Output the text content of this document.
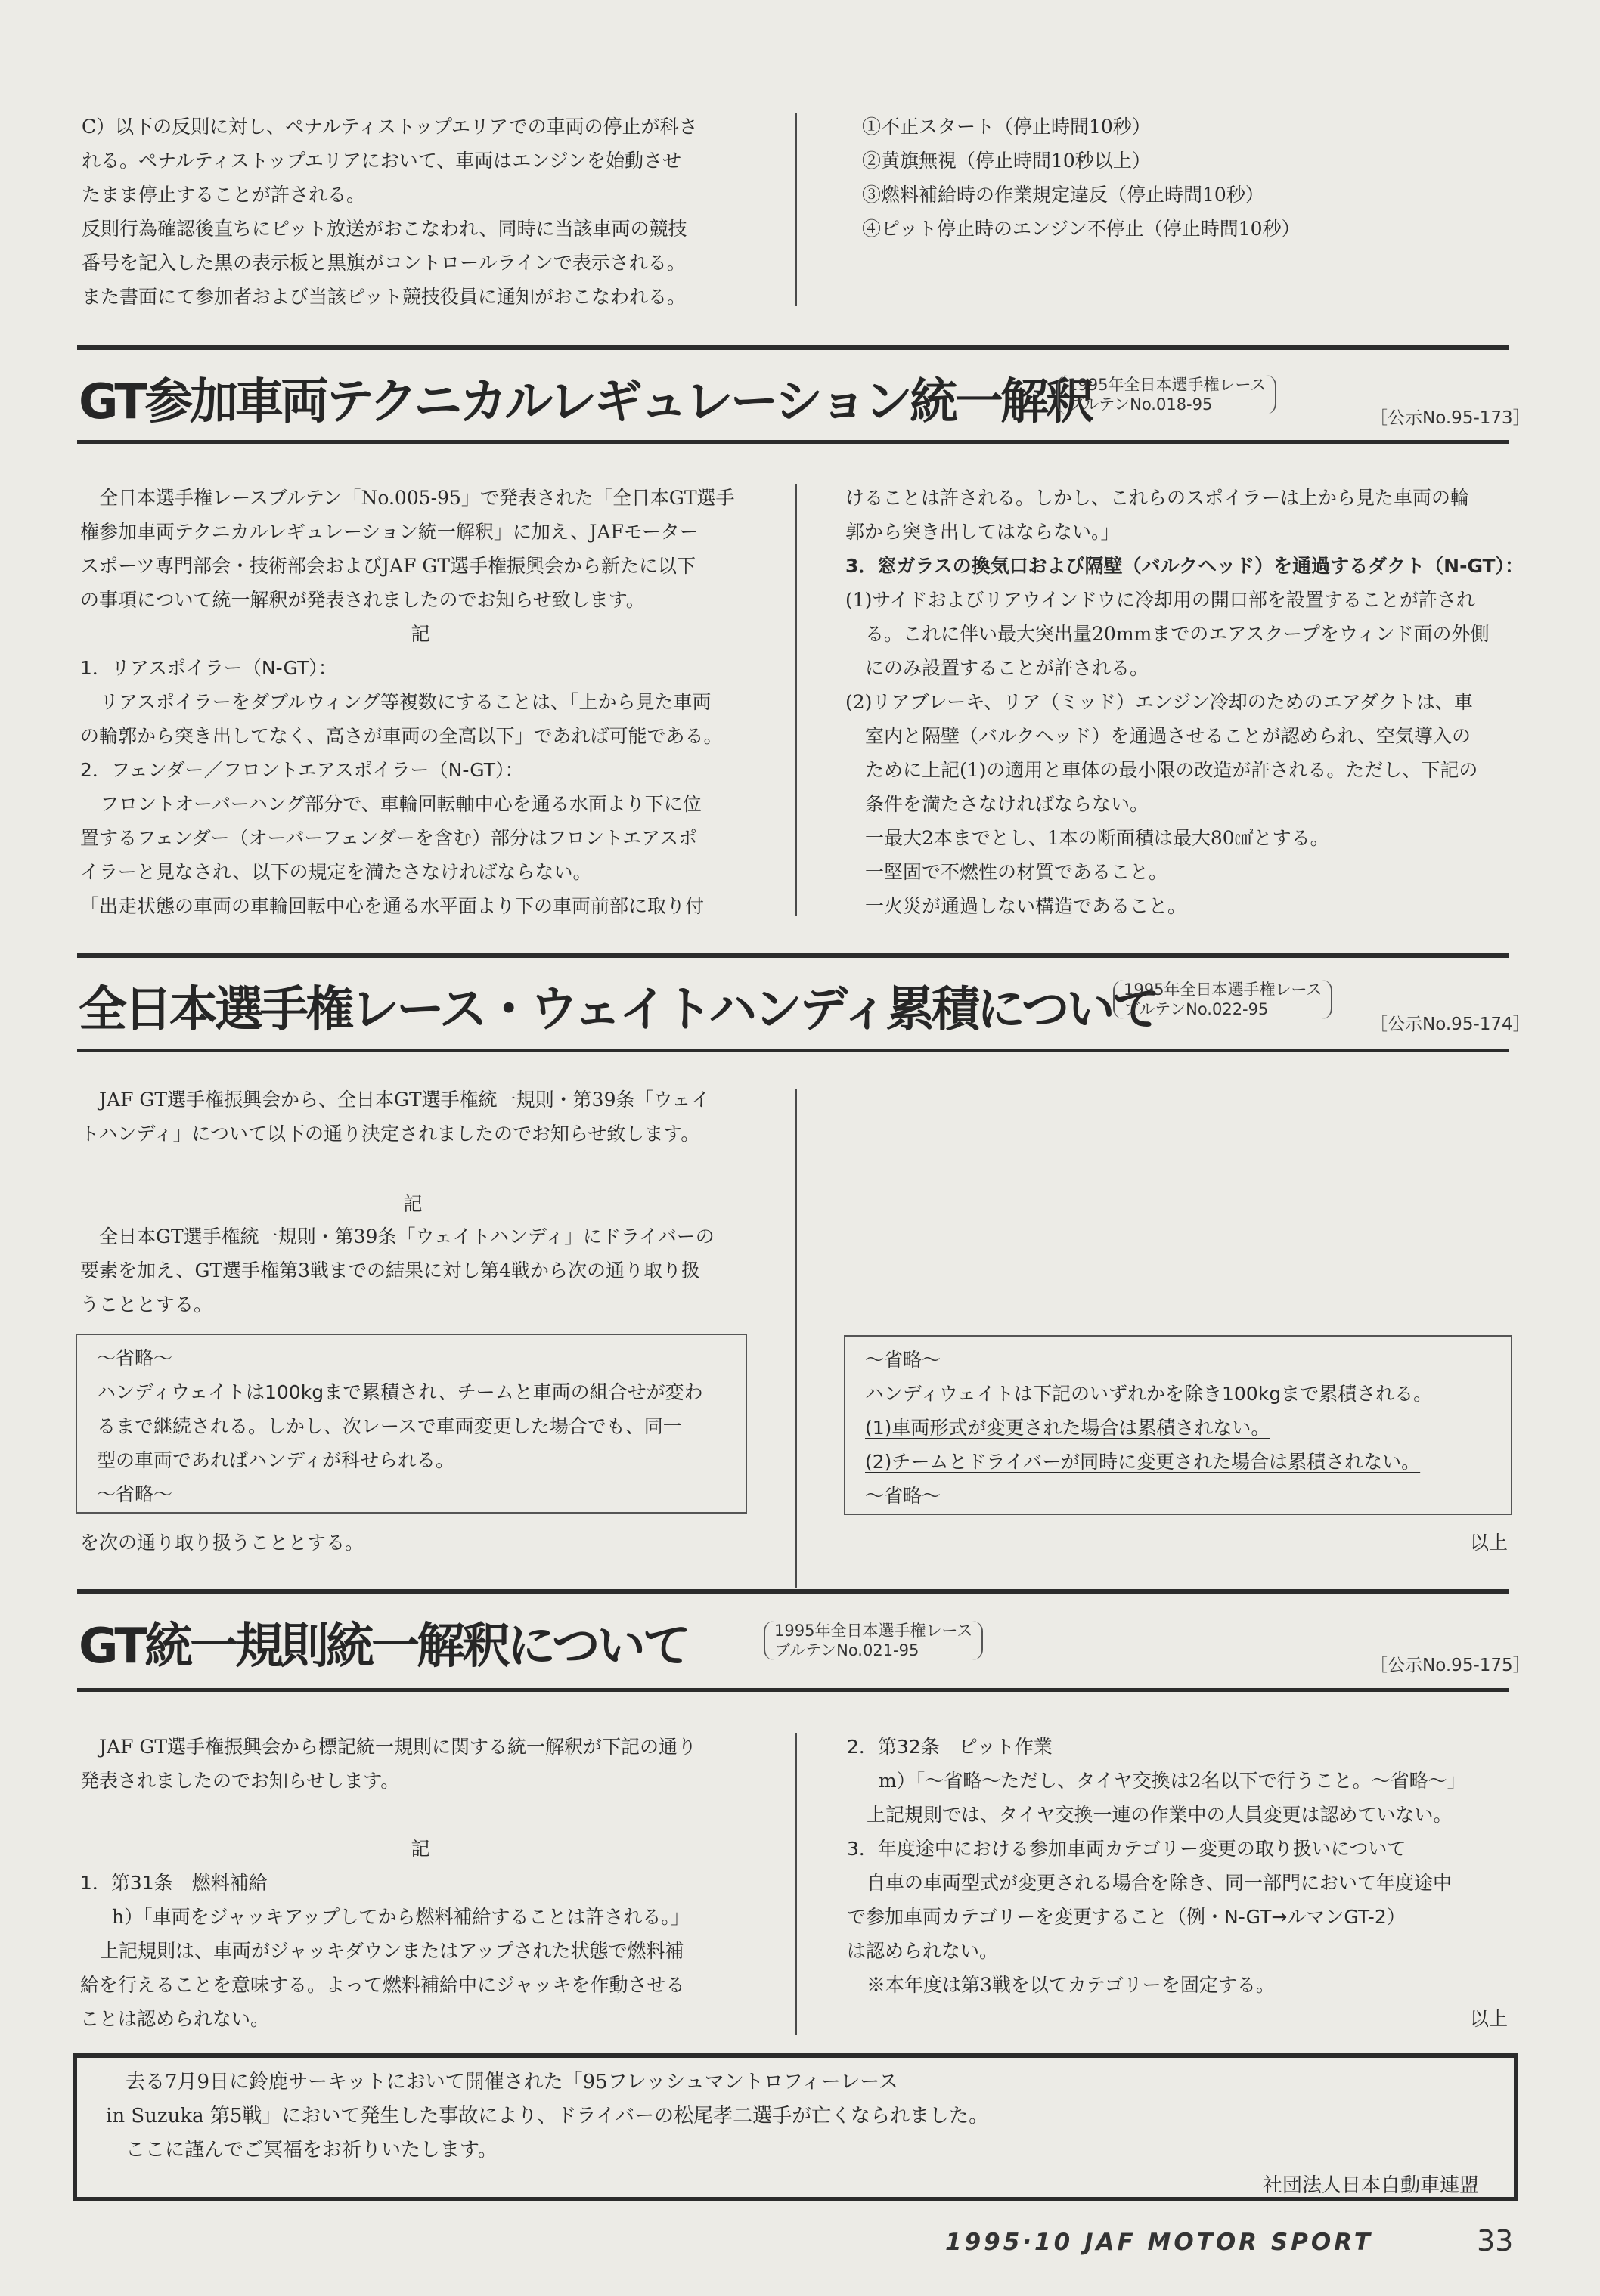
C）以下の反則に対し、ペナルティストップエリアでの車両の停止が科さ

れる。ペナルティストップエリアにおいて、車両はエンジンを始動させ

たまま停止することが許される。

反則行為確認後直ちにピット放送がおこなわれ、同時に当該車両の競技

番号を記入した黒の表示板と黒旗がコントロールラインで表示される。

また書面にて参加者および当該ピット競技役員に通知がおこなわれる。

①不正スタート（停止時間10秒）

②黄旗無視（停止時間10秒以上）

③燃料補給時の作業規定違反（停止時間10秒）

④ピット停止時のエンジン不停止（停止時間10秒）

GT参加車両テクニカルレギュレーション統一解釈
1995年全日本選手権レース
ブルテンNo.018-95
［公示No.95-173］

　全日本選手権レースブルテン「No.005-95」で発表された「全日本GT選手

権参加車両テクニカルレギュレーション統一解釈」に加え、JAFモーター

スポーツ専門部会・技術部会およびJAF GT選手権振興会から新たに以下

の事項について統一解釈が発表されましたのでお知らせ致します。

記

1．リアスポイラー（N-GT）：

リアスポイラーをダブルウィング等複数にすることは、「上から見た車両

の輪郭から突き出してなく、高さが車両の全高以下」であれば可能である。

2．フェンダー／フロントエアスポイラー（N-GT）：

フロントオーバーハング部分で、車輪回転軸中心を通る水面より下に位

置するフェンダー（オーバーフェンダーを含む）部分はフロントエアスポ

イラーと見なされ、以下の規定を満たさなければならない。

「出走状態の車両の車輪回転中心を通る水平面より下の車両前部に取り付

けることは許される。しかし、これらのスポイラーは上から見た車両の輪

郭から突き出してはならない。」

3．窓ガラスの換気口および隔壁（バルクヘッド）を通過するダクト（N-GT）：

(1)サイドおよびリアウインドウに冷却用の開口部を設置することが許され

る。これに伴い最大突出量20mmまでのエアスクープをウィンド面の外側

にのみ設置することが許される。

(2)リアブレーキ、リア（ミッド）エンジン冷却のためのエアダクトは、車

室内と隔壁（バルクヘッド）を通過させることが認められ、空気導入の

ために上記(1)の適用と車体の最小限の改造が許される。ただし、下記の

条件を満たさなければならない。

一最大2本までとし、1本の断面積は最大80㎠とする。

一堅固で不燃性の材質であること。

一火災が通過しない構造であること。

全日本選手権レース・ウェイトハンディ累積について
1995年全日本選手権レース
ブルテンNo.022-95
［公示No.95-174］

　JAF GT選手権振興会から、全日本GT選手権統一規則・第39条「ウェイ

トハンディ」について以下の通り決定されましたのでお知らせ致します。

記

　全日本GT選手権統一規則・第39条「ウェイトハンディ」にドライバーの

要素を加え、GT選手権第3戦までの結果に対し第4戦から次の通り取り扱

うこととする。

〜省略〜

ハンディウェイトは100kgまで累積され、チームと車両の組合せが変わ

るまで継続される。しかし、次レースで車両変更した場合でも、同一

型の車両であればハンディが科せられる。

〜省略〜

を次の通り取り扱うこととする。

〜省略〜

ハンディウェイトは下記のいずれかを除き100kgまで累積される。

(1)車両形式が変更された場合は累積されない。

(2)チームとドライバーが同時に変更された場合は累積されない。

〜省略〜

以上
GT統一規則統一解釈について	1995年全日本選手権レース
ブルテンNo.021-95
［公示No.95-175］

　JAF GT選手権振興会から標記統一規則に関する統一解釈が下記の通り

発表されましたのでお知らせします。

記

1．第31条　燃料補給

h）「車両をジャッキアップしてから燃料補給することは許される。」

上記規則は、車両がジャッキダウンまたはアップされた状態で燃料補

給を行えることを意味する。よって燃料補給中にジャッキを作動させる

ことは認められない。

2．第32条　ピット作業

m）「〜省略〜ただし、タイヤ交換は2名以下で行うこと。〜省略〜」

上記規則では、タイヤ交換一連の作業中の人員変更は認めていない。

3．年度途中における参加車両カテゴリー変更の取り扱いについて

自車の車両型式が変更される場合を除き、同一部門において年度途中

で参加車両カテゴリーを変更すること（例・N-GT→ルマンGT-2）

は認められない。

※本年度は第3戦を以てカテゴリーを固定する。

以上

　去る7月9日に鈴鹿サーキットにおいて開催された「95フレッシュマントロフィーレース

in Suzuka 第5戦」において発生した事故により、ドライバーの松尾孝二選手が亡くなられました。

　ここに謹んでご冥福をお祈りいたします。

社団法人日本自動車連盟

1995·10 JAF MOTOR SPORT	33
